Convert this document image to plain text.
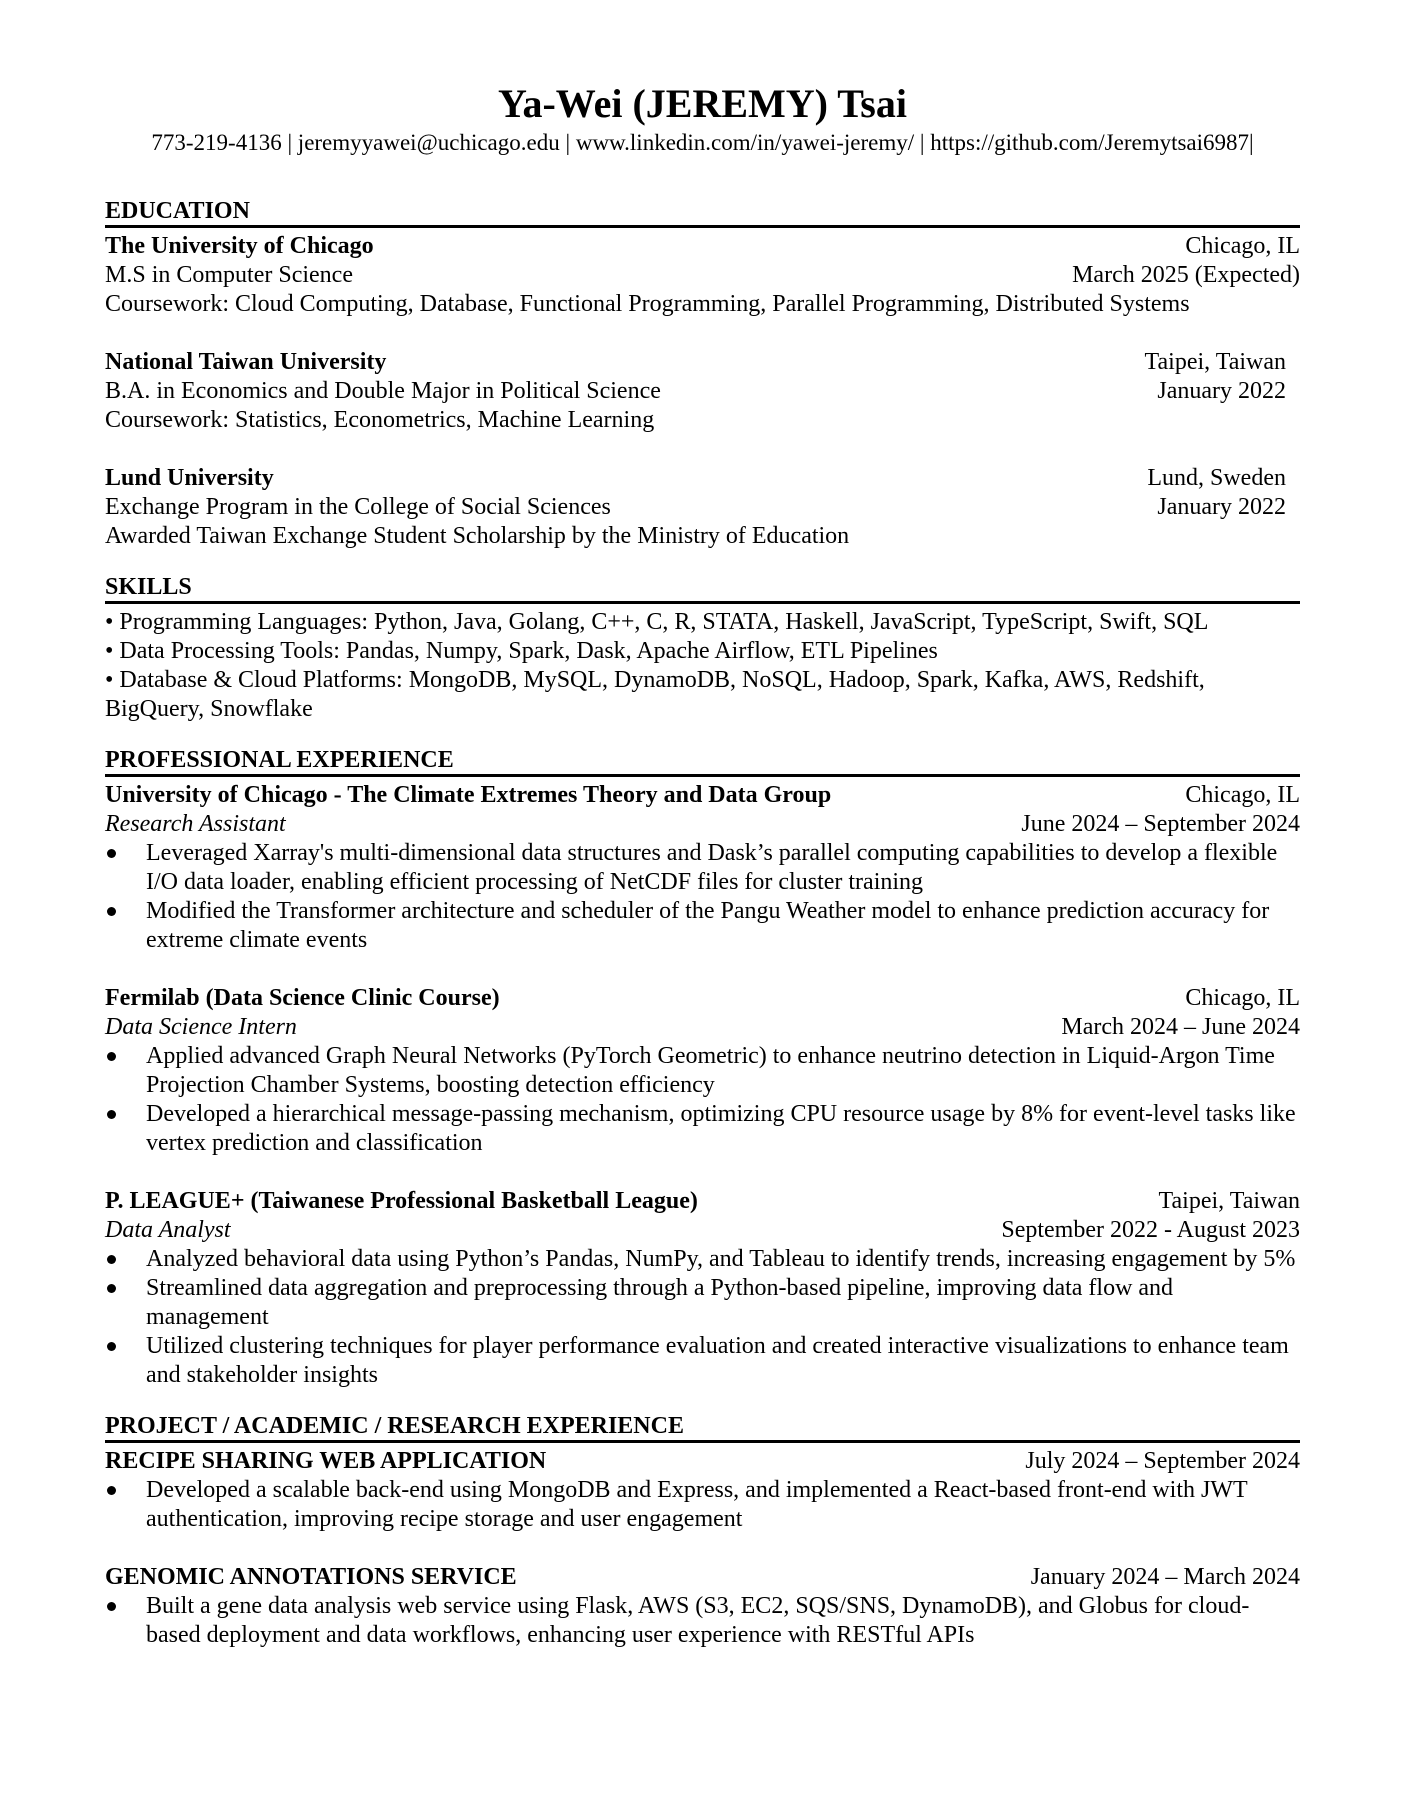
Ya-Wei (JEREMY) Tsai
773-219-4136 | jeremyyawei@uchicago.edu | www.linkedin.com/in/yawei-jeremy/ | https://github.com/Jeremytsai6987|
EDUCATION
The University of Chicago	Chicago, IL
M.S in Computer Science	March 2025 (Expected)
Coursework: Cloud Computing, Database, Functional Programming, Parallel Programming, Distributed Systems
National Taiwan University	Taipei, Taiwan
B.A. in Economics and Double Major in Political Science	January 2022
Coursework: Statistics, Econometrics, Machine Learning
Lund University	Lund, Sweden
Exchange Program in the College of Social Sciences	January 2022
Awarded Taiwan Exchange Student Scholarship by the Ministry of Education
SKILLS
• Programming Languages: Python, Java, Golang, C++, C, R, STATA, Haskell, JavaScript, TypeScript, Swift, SQL
• Data Processing Tools: Pandas, Numpy, Spark, Dask, Apache Airflow, ETL Pipelines
• Database & Cloud Platforms: MongoDB, MySQL, DynamoDB, NoSQL, Hadoop, Spark, Kafka, AWS, Redshift,
BigQuery, Snowflake
PROFESSIONAL EXPERIENCE
University of Chicago - The Climate Extremes Theory and Data Group	Chicago, IL
Research Assistant	June 2024 – September 2024
Leveraged Xarray's multi-dimensional data structures and Dask’s parallel computing capabilities to develop a flexible I/O data loader, enabling efficient processing of NetCDF files for cluster training
Modified the Transformer architecture and scheduler of the Pangu Weather model to enhance prediction accuracy for extreme climate events
Fermilab (Data Science Clinic Course)	Chicago, IL
Data Science Intern	March 2024 – June 2024
Applied advanced Graph Neural Networks (PyTorch Geometric) to enhance neutrino detection in Liquid-Argon Time Projection Chamber Systems, boosting detection efficiency
Developed a hierarchical message-passing mechanism, optimizing CPU resource usage by 8% for event-level tasks like vertex prediction and classification
P. LEAGUE+ (Taiwanese Professional Basketball League)	Taipei, Taiwan
Data Analyst	September 2022 - August 2023
Analyzed behavioral data using Python’s Pandas, NumPy, and Tableau to identify trends, increasing engagement by 5%
Streamlined data aggregation and preprocessing through a Python-based pipeline, improving data flow and management
Utilized clustering techniques for player performance evaluation and created interactive visualizations to enhance team and stakeholder insights
PROJECT / ACADEMIC / RESEARCH EXPERIENCE
RECIPE SHARING WEB APPLICATION	July 2024 – September 2024
Developed a scalable back-end using MongoDB and Express, and implemented a React-based front-end with JWT authentication, improving recipe storage and user engagement
GENOMIC ANNOTATIONS SERVICE	January 2024 – March 2024
Built a gene data analysis web service using Flask, AWS (S3, EC2, SQS/SNS, DynamoDB), and Globus for cloud-based deployment and data workflows, enhancing user experience with RESTful APIs
